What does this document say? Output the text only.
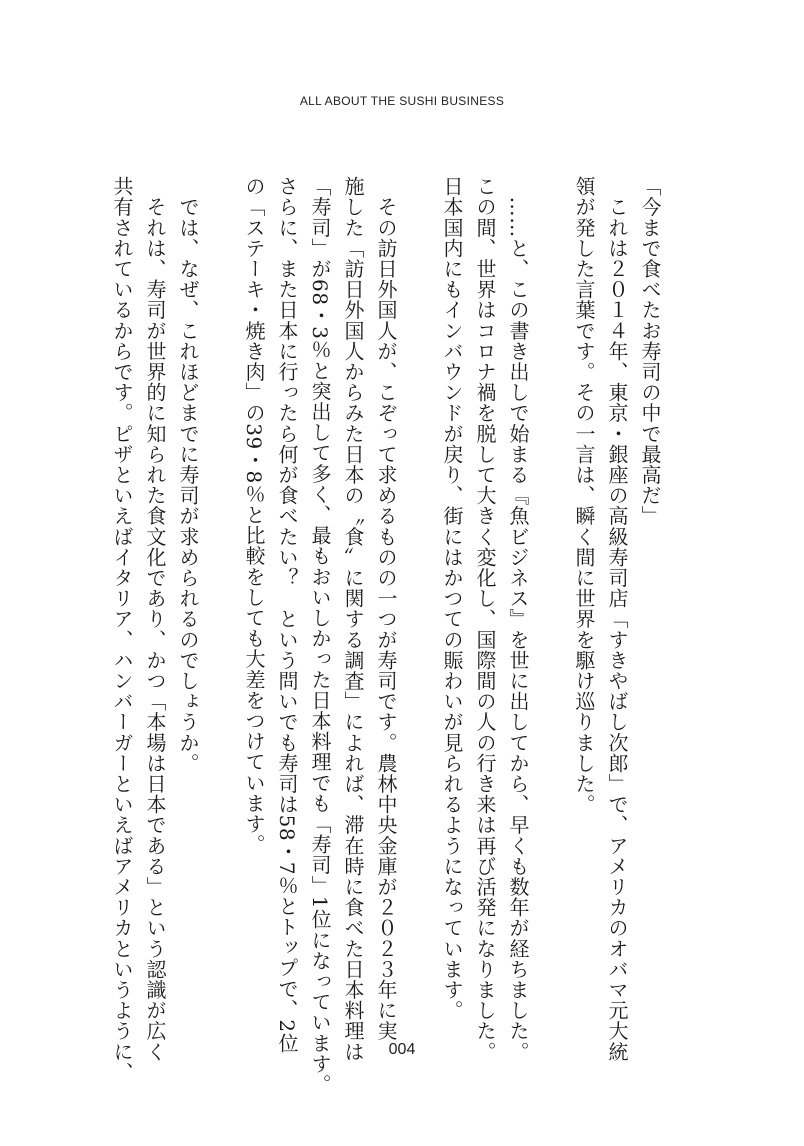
ALL ABOUT THE SUSHI BUSINESS
「今まで食べたお寿司の中で最高だ」
　これは２０１４年、東京・銀座の高級寿司店「すきやばし次郎」で、アメリカのオバマ元大統
領が発した言葉です。その一言は、瞬く間に世界を駆け巡りました。
　……と、この書き出しで始まる『魚ビジネス』を世に出してから、早くも数年が経ちました。
この間、世界はコロナ禍を脱して大きく変化し、国際間の人の行き来は再び活発になりました。
日本国内にもインバウンドが戻り、街にはかつての賑わいが見られるようになっています。
　その訪日外国人が、こぞって求めるものの一つが寿司です。農林中央金庫が２０２３年に実
施した「訪日外国人からみた日本の〝食〟に関する調査」によれば、滞在時に食べた日本料理は
「寿司」が68・3％と突出して多く、最もおいしかった日本料理でも「寿司」1位になっています。
さらに、また日本に行ったら何が食べたい？　という問いでも寿司は58・7％とトップで、2位
の「ステーキ・焼き肉」の39・8％と比較をしても大差をつけています。
　では、なぜ、これほどまでに寿司が求められるのでしょうか。
　それは、寿司が世界的に知られた食文化であり、かつ「本場は日本である」という認識が広く
共有されているからです。ピザといえばイタリア、ハンバーガーといえばアメリカというように、	004
